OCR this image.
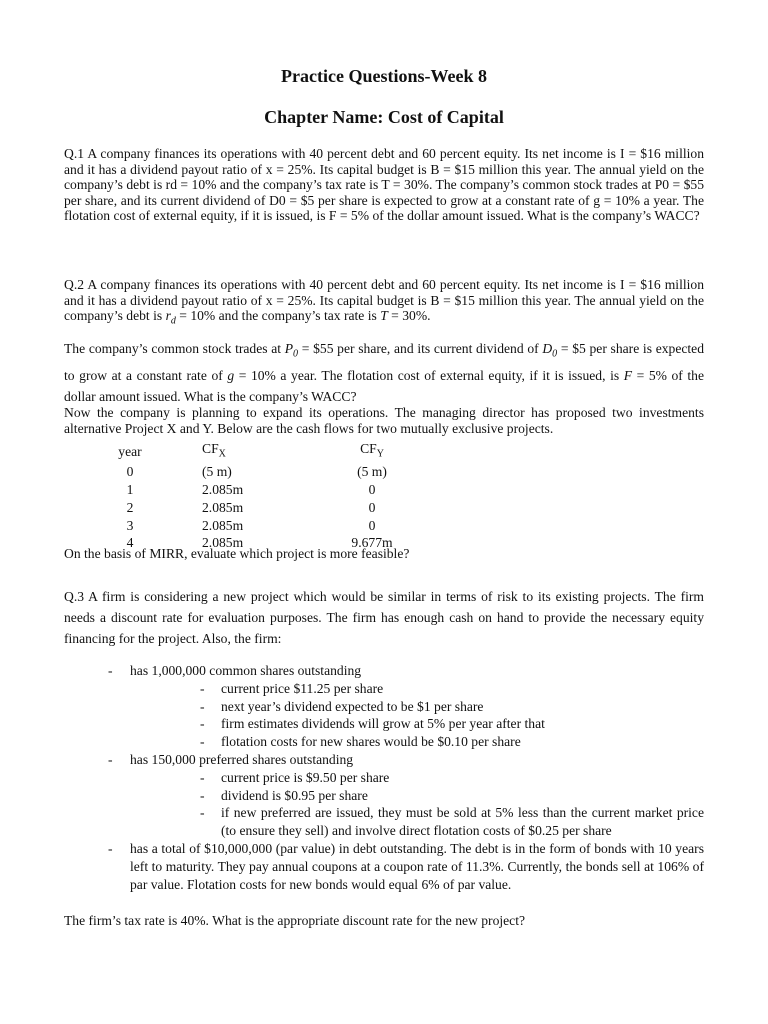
Practice Questions-Week 8
Chapter Name: Cost of Capital

Q.1 A company finances its operations with 40 percent debt and 60 percent equity. Its net income is I = $16 million and it has a dividend payout ratio of x = 25%. Its capital budget is B = $15 million this year. The annual yield on the company’s debt is rd = 10% and the company’s tax rate is T = 30%. The company’s common stock trades at P0 = $55 per share, and its current dividend of D0 = $5 per share is expected to grow at a constant rate of g = 10% a year. The flotation cost of external equity, if it is issued, is F = 5% of the dollar amount issued. What is the company’s WACC?

Q.2 A company finances its operations with 40 percent debt and 60 percent equity. Its net income is I = $16 million and it has a dividend payout ratio of x = 25%. Its capital budget is B = $15 million this year. The annual yield on the company’s debt is $r_d = 10\%$ and the company’s tax rate is T = 30%.

The company’s common stock trades at $P_0$ = $55 per share, and its current dividend of $D_0$ = $5 per share is expected to grow at a constant rate of g = 10% a year. The flotation cost of external equity, if it is issued, is F = 5% of the dollar amount issued. What is the company’s WACC?

Now the company is planning to expand its operations. The managing director has proposed two investments alternative Project X and Y. Below are the cash flows for two mutually exclusive projects.

year	$CF_X$	$CF_Y$
0	(5 m)	(5 m)
1	2.085m	0
2	2.085m	0
3	2.085m	0
4	2.085m	9.677m

On the basis of MIRR, evaluate which project is more feasible?

Q.3 A firm is considering a new project which would be similar in terms of risk to its existing projects. The firm needs a discount rate for evaluation purposes. The firm has enough cash on hand to provide the necessary equity financing for the project. Also, the firm:

- has 1,000,000 common shares outstanding
- current price $11.25 per share
- next year’s dividend expected to be $1 per share
- firm estimates dividends will grow at 5% per year after that
- flotation costs for new shares would be $0.10 per share
- has 150,000 preferred shares outstanding
- current price is $9.50 per share
- dividend is $0.95 per share
- if new preferred are issued, they must be sold at 5% less than the current market price (to ensure they sell) and involve direct flotation costs of $0.25 per share
- has a total of $10,000,000 (par value) in debt outstanding. The debt is in the form of bonds with 10 years left to maturity. They pay annual coupons at a coupon rate of 11.3%. Currently, the bonds sell at 106% of par value. Flotation costs for new bonds would equal 6% of par value.

The firm’s tax rate is 40%. What is the appropriate discount rate for the new project?
